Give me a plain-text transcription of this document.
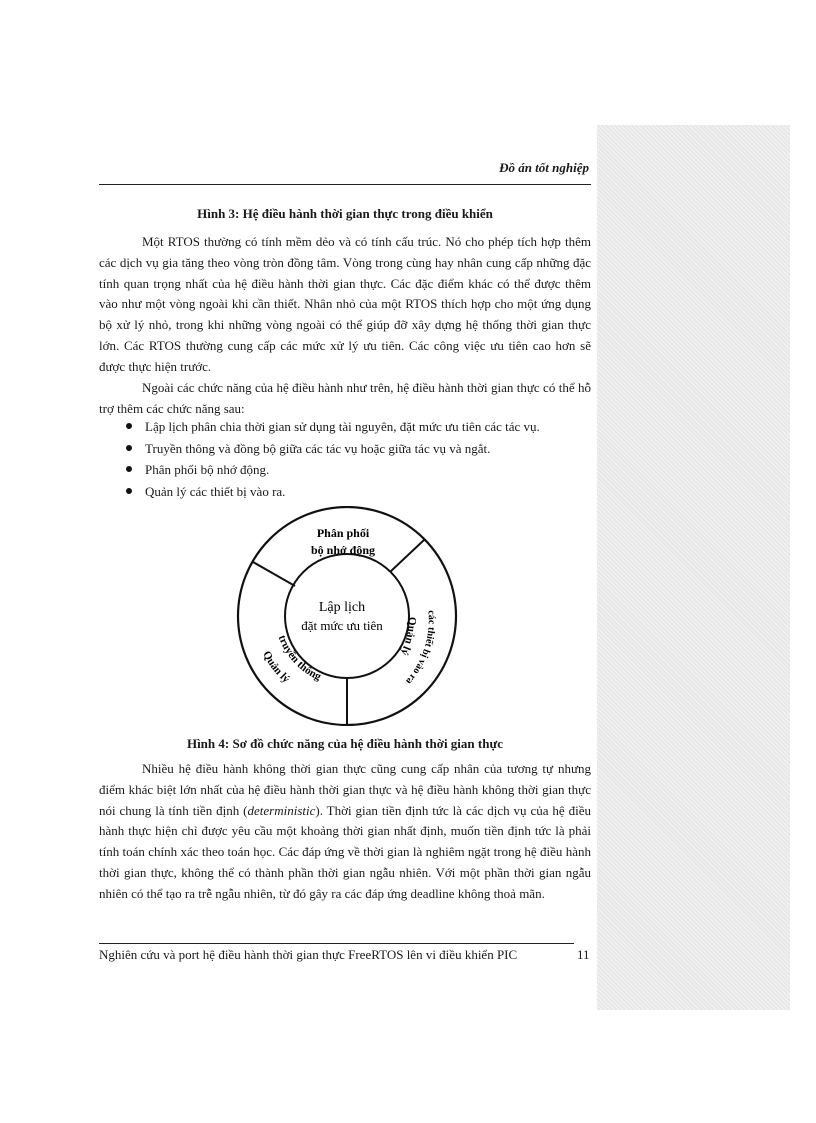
Đồ án tốt nghiệp
Hình 3: Hệ điều hành thời gian thực trong điều khiển

Một RTOS thường có tính mềm dẻo và có tính cấu trúc. Nó cho phép tích hợp thêm các dịch vụ gia tăng theo vòng tròn đồng tâm. Vòng trong cùng hay nhân cung cấp những đặc tính quan trọng nhất của hệ điều hành thời gian thực. Các đặc điểm khác có thể được thêm vào như một vòng ngoài khi cần thiết. Nhân nhỏ của một RTOS thích hợp cho một ứng dụng bộ xử lý nhỏ, trong khi những vòng ngoài có thể giúp đỡ xây dựng hệ thống thời gian thực lớn. Các RTOS thường cung cấp các mức xử lý ưu tiên. Các công việc ưu tiên cao hơn sẽ được thực hiện trước.

Ngoài các chức năng của hệ điều hành như trên, hệ điều hành thời gian thực có thể hỗ trợ thêm các chức năng sau:

Lập lịch phân chia thời gian sử dụng tài nguyên, đặt mức ưu tiên các tác vụ.
Truyền thông và đồng bộ giữa các tác vụ hoặc giữa tác vụ và ngắt.
Phân phối bộ nhớ động.
Quản lý các thiết bị vào ra.
Phân phối
bộ nhớ động
Lập lịch
đặt mức ưu tiên
Quản lý
truyền thông
Quản lý
các thiết bị vào ra
Hình 4: Sơ đồ chức năng của hệ điều hành thời gian thực

Nhiều hệ điều hành không thời gian thực cũng cung cấp nhân của tương tự nhưng điểm khác biệt lớn nhất của hệ điều hành thời gian thực và hệ điều hành không thời gian thực nói chung là tính tiền định (deterministic). Thời gian tiền định tức là các dịch vụ của hệ điều hành thực hiện chỉ được yêu cầu một khoảng thời gian nhất định, muốn tiền định tức là phải tính toán chính xác theo toán học. Các đáp ứng về thời gian là nghiêm ngặt trong hệ điều hành thời gian thực, không thể có thành phần thời gian ngẫu nhiên. Với một phần thời gian ngẫu nhiên có thể tạo ra trễ ngẫu nhiên, từ đó gây ra các đáp ứng deadline không thoả mãn.

Nghiên cứu và port hệ điều hành thời gian thực FreeRTOS lên vi điều khiển PIC	11
